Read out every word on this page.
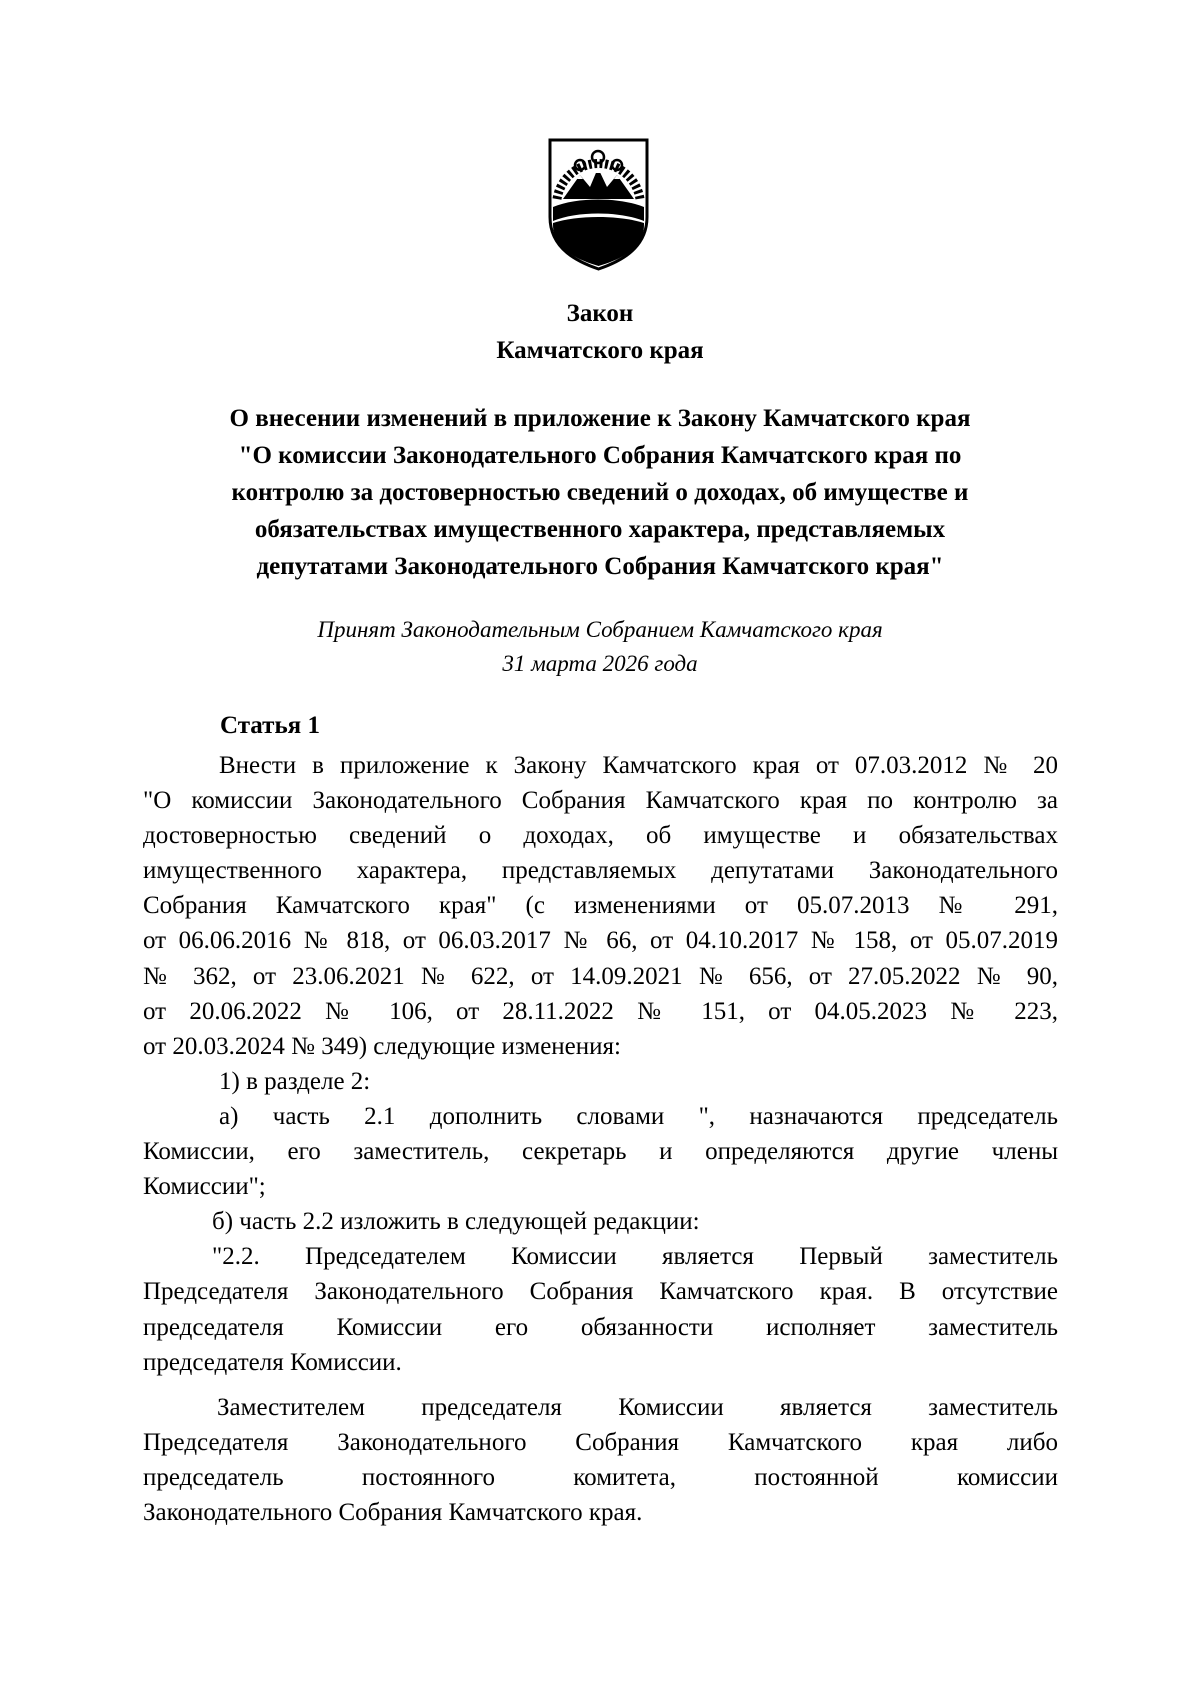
Закон
Камчатского края
О внесении изменений в приложение к Закону Камчатского края
"О комиссии Законодательного Собрания Камчатского края по
контролю за достоверностью сведений о доходах, об имуществе и
обязательствах имущественного характера, представляемых
депутатами Законодательного Собрания Камчатского края"
Принят Законодательным Собранием Камчатского края
31 марта 2026 года
Статья 1
Внести в приложение к Закону Камчатского края от 07.03.2012 № 20
"О комиссии Законодательного Собрания Камчатского края по контролю за
достоверностью сведений о доходах, об имуществе и обязательствах
имущественного характера, представляемых депутатами Законодательного
Собрания Камчатского края" (с изменениями от 05.07.2013 № 291,
от 06.06.2016 № 818, от 06.03.2017 № 66, от 04.10.2017 № 158, от 05.07.2019
№ 362, от 23.06.2021 № 622, от 14.09.2021 № 656, от 27.05.2022 № 90,
от 20.06.2022 № 106, от 28.11.2022 № 151, от 04.05.2023 № 223,
от 20.03.2024 № 349) следующие изменения:
1) в разделе 2:
а) часть 2.1 дополнить словами ", назначаются председатель
Комиссии, его заместитель, секретарь и определяются другие члены
Комиссии";
б) часть 2.2 изложить в следующей редакции:
"2.2. Председателем Комиссии является Первый заместитель
Председателя Законодательного Собрания Камчатского края. В отсутствие
председателя Комиссии его обязанности исполняет заместитель
председателя Комиссии.
Заместителем председателя Комиссии является заместитель
Председателя Законодательного Собрания Камчатского края либо
председатель постоянного комитета, постоянной комиссии
Законодательного Собрания Камчатского края.
